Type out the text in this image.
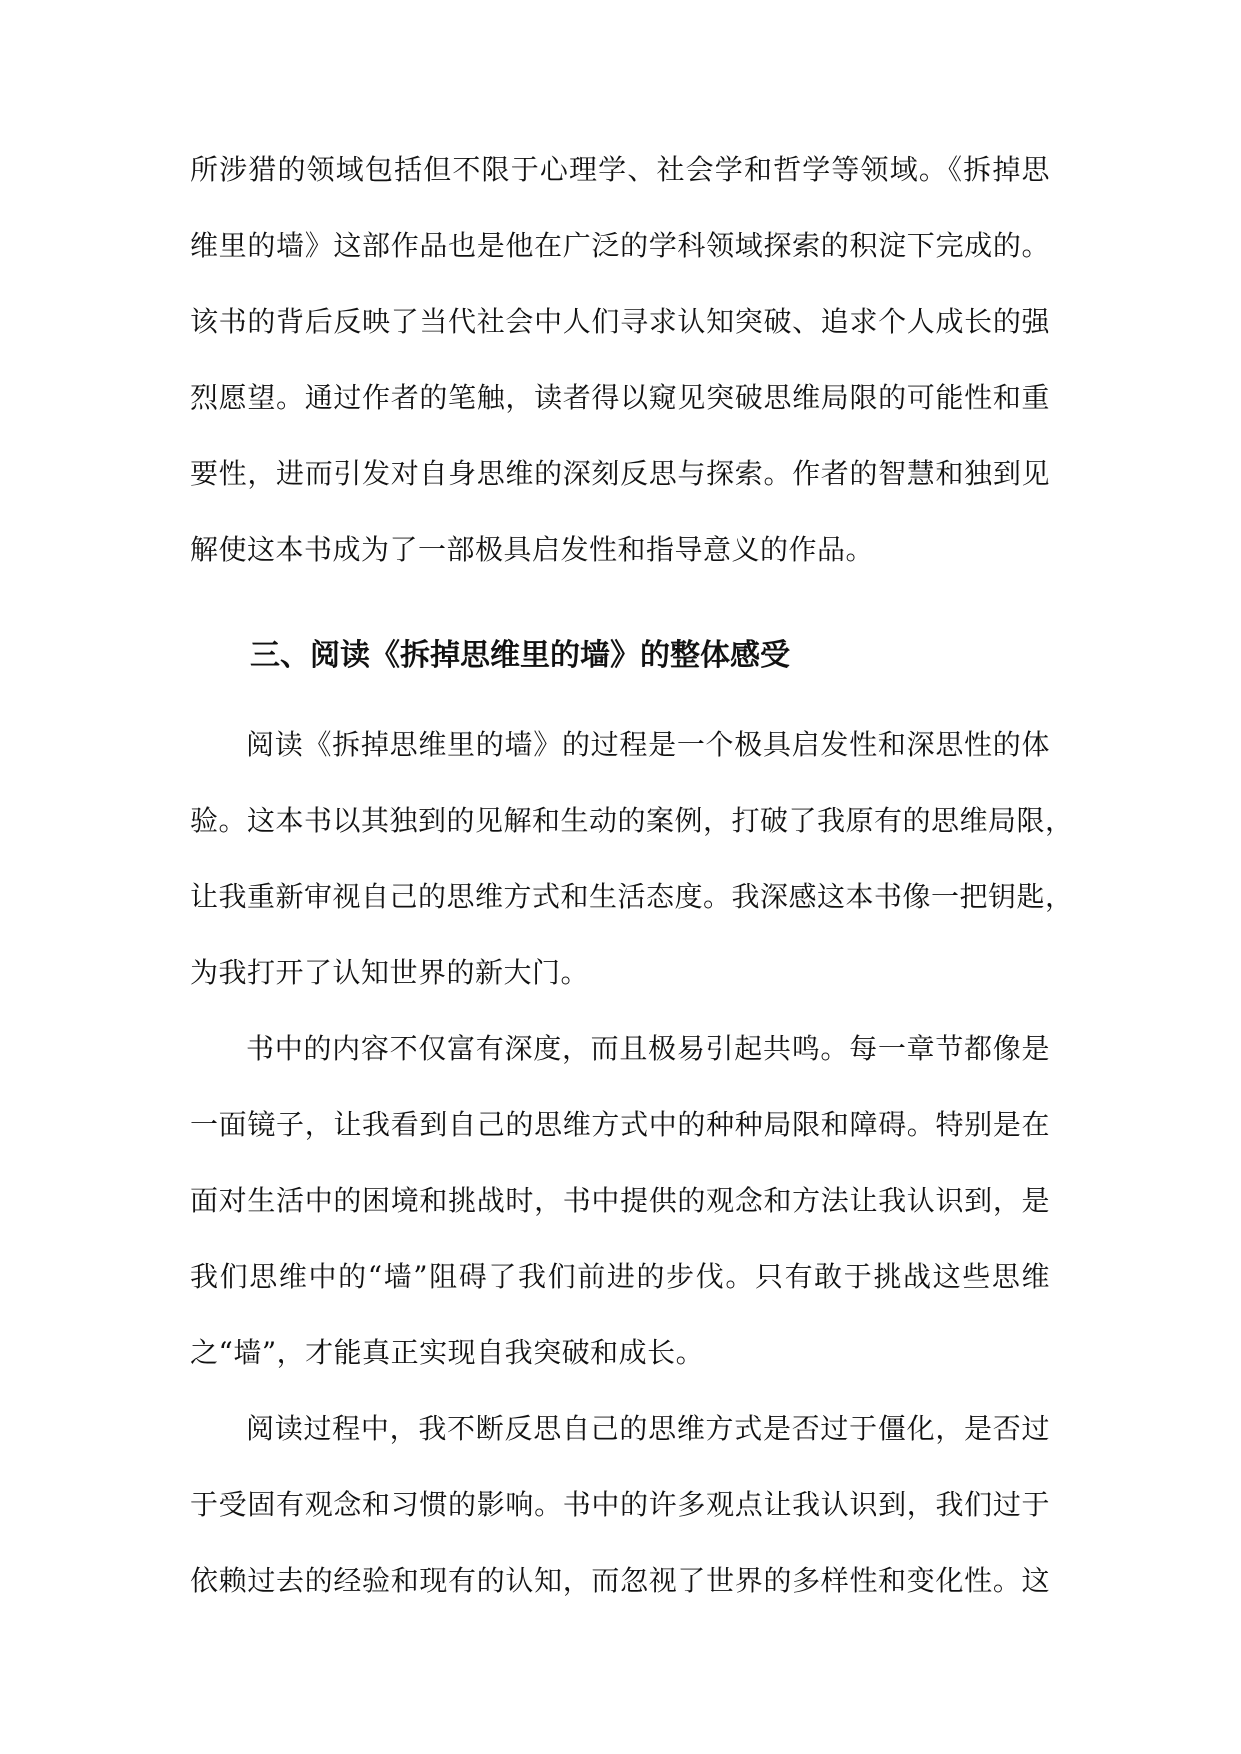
所涉猎的领域包括但不限于心理学、社会学和哲学等领域。《拆掉思
维里的墙》这部作品也是他在广泛的学科领域探索的积淀下完成的。
该书的背后反映了当代社会中人们寻求认知突破、追求个人成长的强
烈愿望。通过作者的笔触，读者得以窥见突破思维局限的可能性和重
要性，进而引发对自身思维的深刻反思与探索。作者的智慧和独到见
解使这本书成为了一部极具启发性和指导意义的作品。
三、阅读《拆掉思维里的墙》的整体感受
阅读《拆掉思维里的墙》的过程是一个极具启发性和深思性的体
验。这本书以其独到的见解和生动的案例，打破了我原有的思维局限，
让我重新审视自己的思维方式和生活态度。我深感这本书像一把钥匙，
为我打开了认知世界的新大门。
书中的内容不仅富有深度，而且极易引起共鸣。每一章节都像是
一面镜子，让我看到自己的思维方式中的种种局限和障碍。特别是在
面对生活中的困境和挑战时，书中提供的观念和方法让我认识到，是
我们思维中的“墙”阻碍了我们前进的步伐。只有敢于挑战这些思维
之“墙”，才能真正实现自我突破和成长。
阅读过程中，我不断反思自己的思维方式是否过于僵化，是否过
于受固有观念和习惯的影响。书中的许多观点让我认识到，我们过于
依赖过去的经验和现有的认知，而忽视了世界的多样性和变化性。这
